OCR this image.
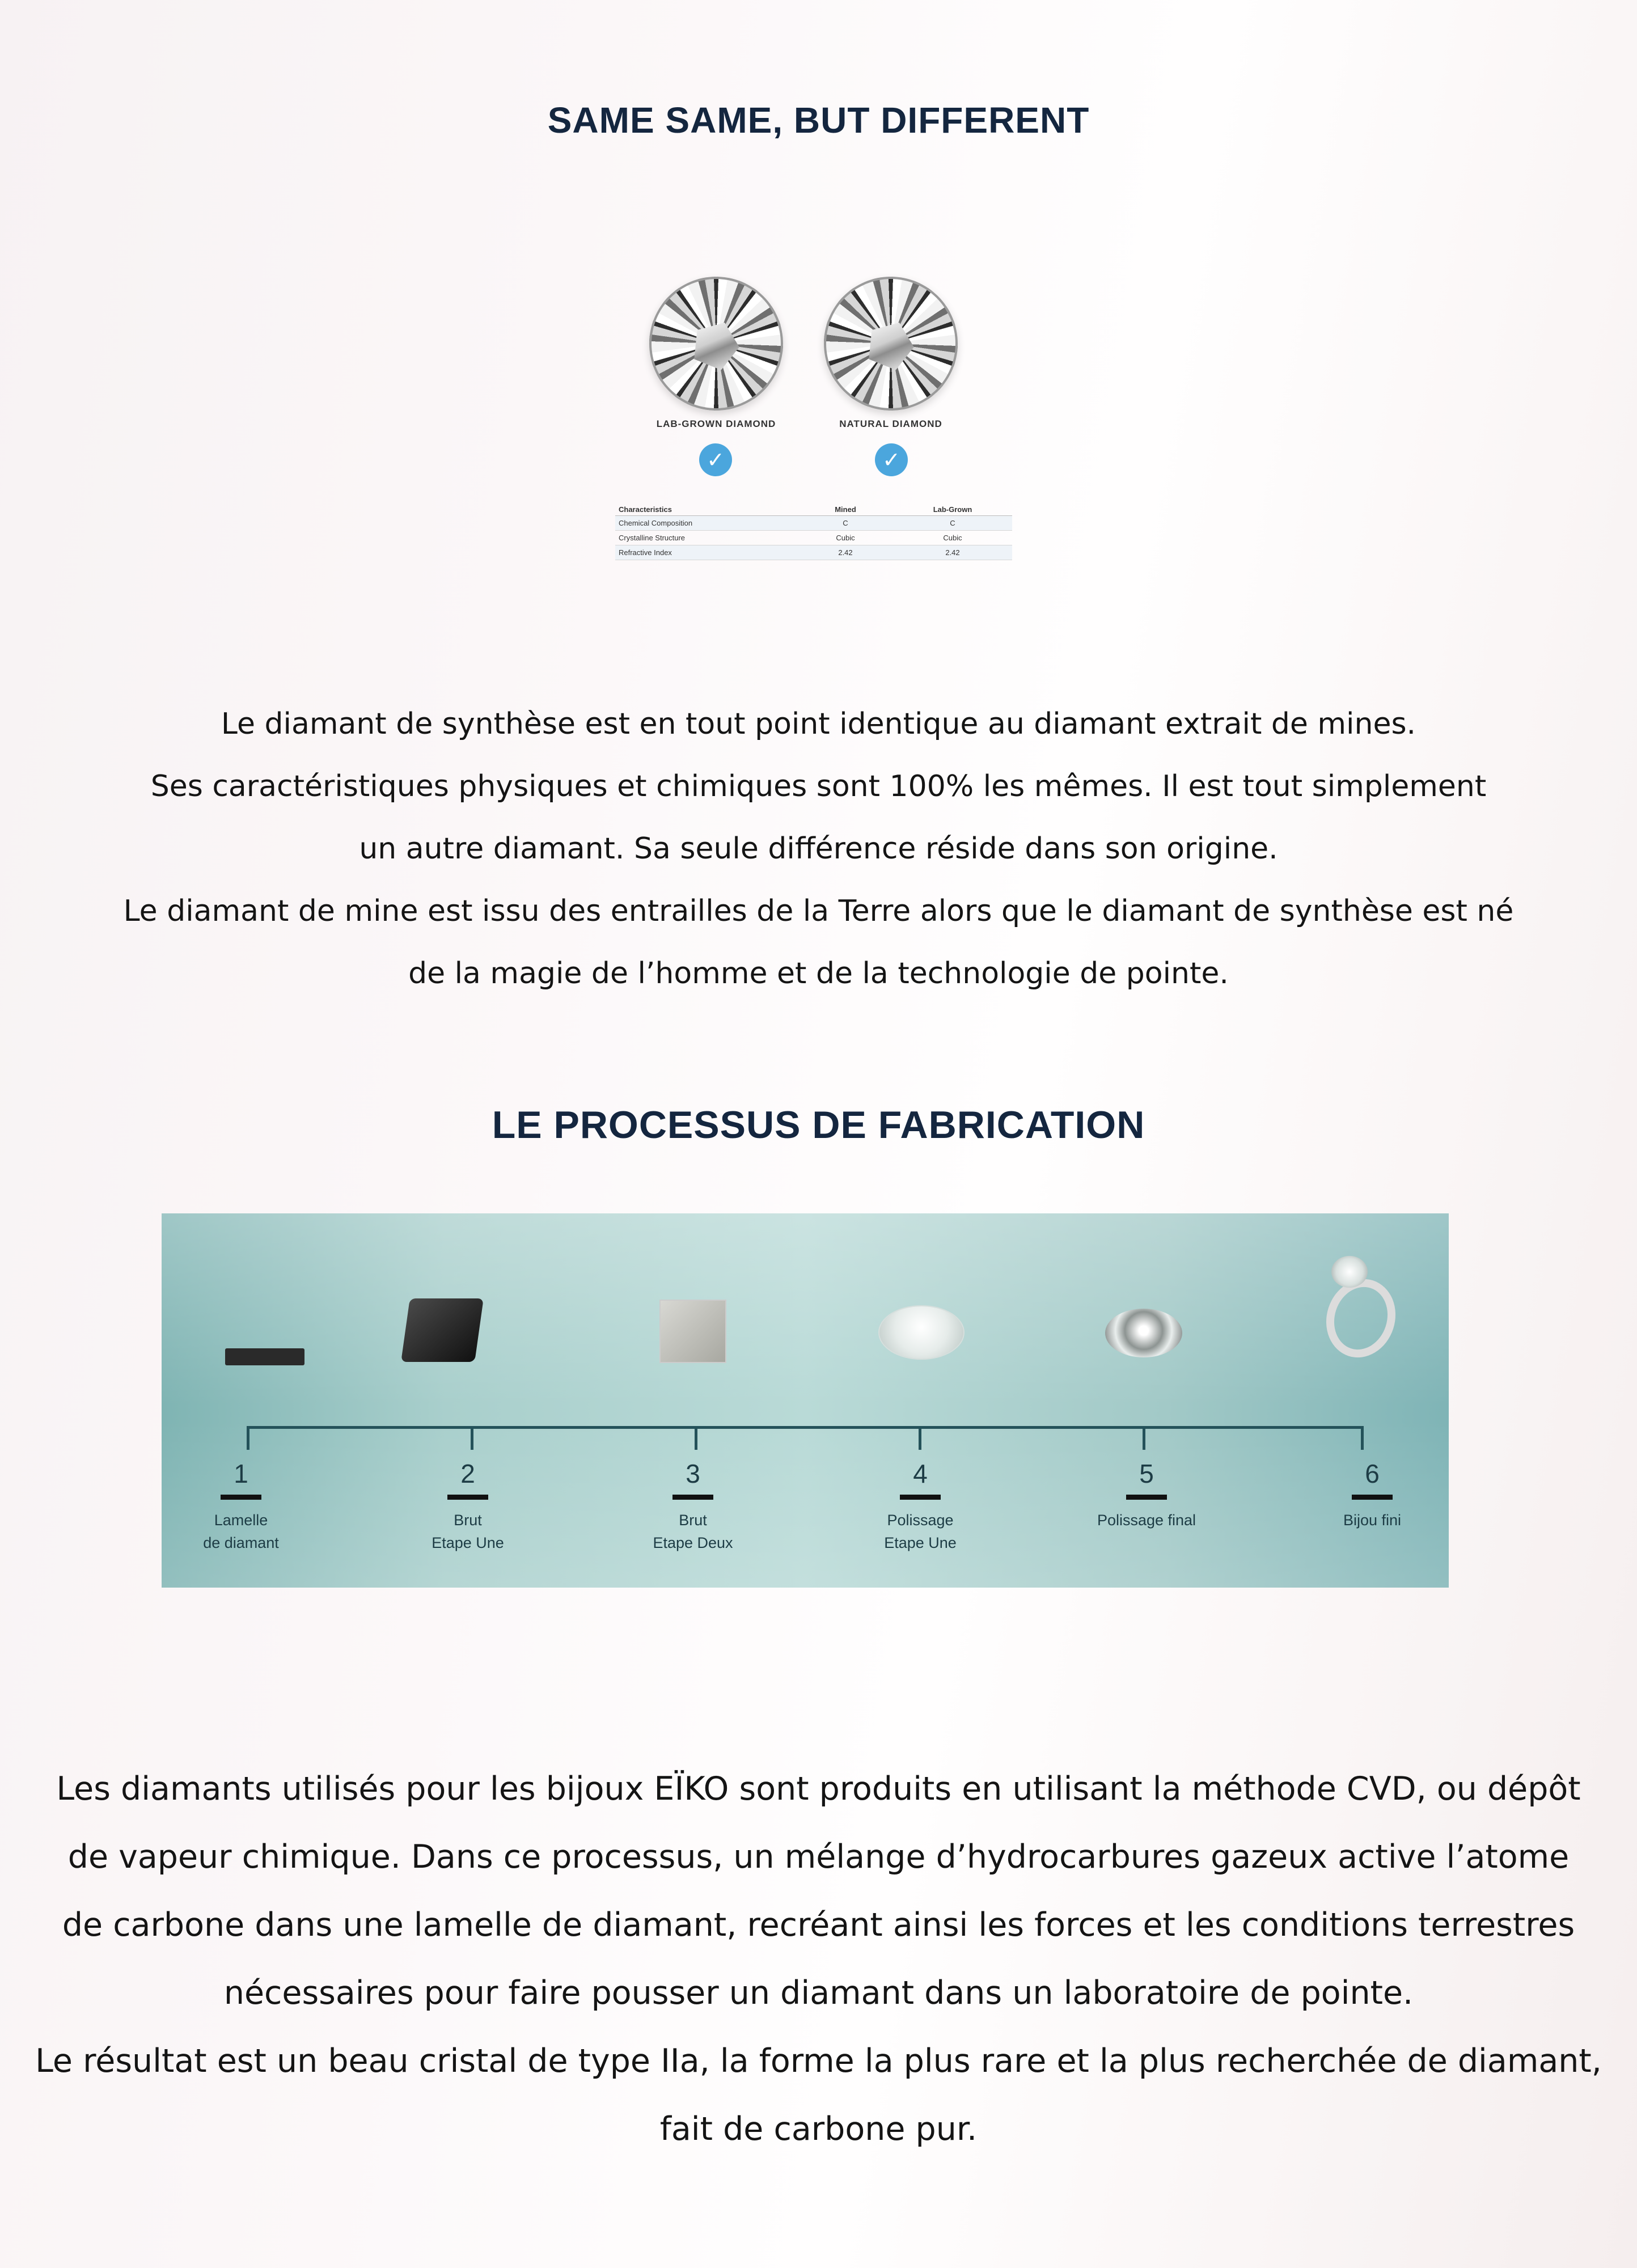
SAME SAME, BUT DIFFERENT
LAB-GROWN DIAMOND	NATURAL DIAMOND
✓	✓
Characteristics	Mined	Lab-Grown
Chemical Composition	C	C
Crystalline Structure	Cubic	Cubic
Refractive Index	2.42	2.42

Le diamant de synthèse est en tout point identique au diamant extrait de mines.
Ses caractéristiques physiques et chimiques sont 100% les mêmes. Il est tout simplement
un autre diamant. Sa seule différence réside dans son origine.
Le diamant de mine est issu des entrailles de la Terre alors que le diamant de synthèse est né
de la magie de l’homme et de la technologie de pointe.

LE PROCESSUS DE FABRICATION
1
Lamelle
de diamant
2
Brut
Etape Une
3
Brut
Etape Deux
4
Polissage
Etape Une
5
Polissage final
6
Bijou fini

Les diamants utilisés pour les bijoux EÏKO sont produits en utilisant la méthode CVD, ou dépôt
de vapeur chimique. Dans ce processus, un mélange d’hydrocarbures gazeux active l’atome
de carbone dans une lamelle de diamant, recréant ainsi les forces et les conditions terrestres
nécessaires pour faire pousser un diamant dans un laboratoire de pointe.
Le résultat est un beau cristal de type IIa, la forme la plus rare et la plus recherchée de diamant,
fait de carbone pur.
